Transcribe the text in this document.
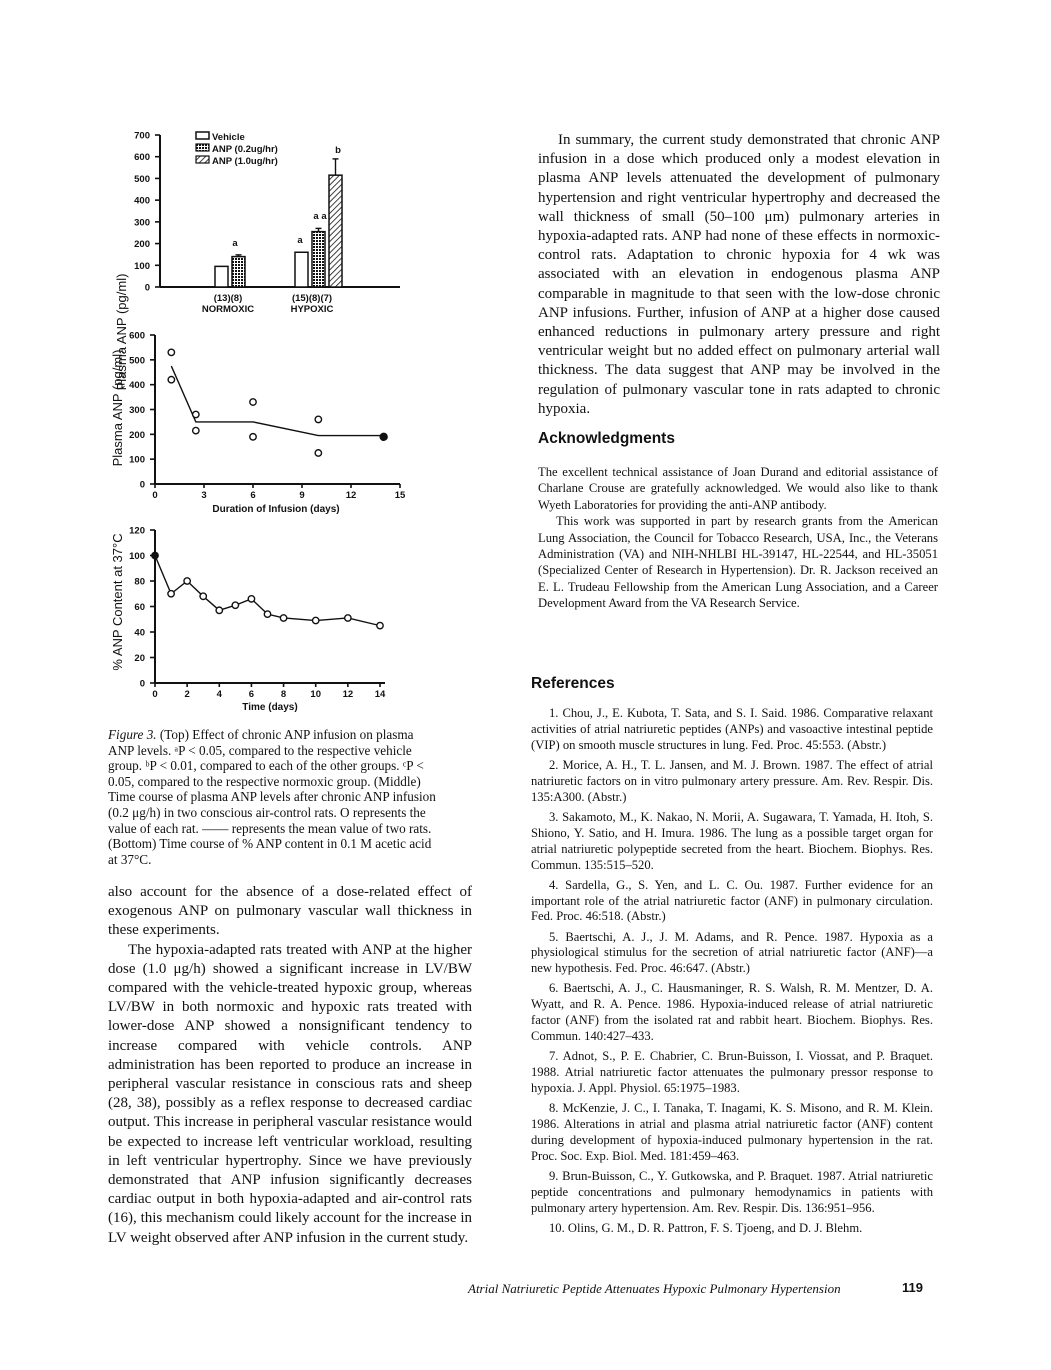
Plasma ANP (pg/ml) 0
100
200
300
400
500
600
700	Vehicle
ANP (0.2ug/hr)
ANP (1.0ug/hr)
a	a
a a
b
(13)(8)
NORMOXIC
(15)(8)(7)
HYPOXIC
Plasma ANP (pg/ml)
0
100
200
300
400
500
600
0	3	6	9	12	15
Duration of Infusion (days)
% ANP Content at 37°C
0
20
40
60
80
100
120
0	2	4	6	8	10 12 14
Time (days)
Figure 3. (Top) Effect of chronic ANP infusion on plasma ANP levels. ᵃP < 0.05, compared to the respective vehicle group. ᵇP < 0.01, compared to each of the other groups. ᶜP < 0.05, compared to the respective normoxic group. (Middle) Time course of plasma ANP levels after chronic ANP infusion (0.2 μg/h) in two conscious air-control rats. O represents the value of each rat. —— represents the mean value of two rats. (Bottom) Time course of % ANP content in 0.1 M acetic acid at 37°C.

also account for the absence of a dose-related effect of exogenous ANP on pulmonary vascular wall thickness in these experiments.

The hypoxia-adapted rats treated with ANP at the higher dose (1.0 μg/h) showed a significant increase in LV/BW compared with the vehicle-treated hypoxic group, whereas LV/BW in both normoxic and hypoxic rats treated with lower-dose ANP showed a nonsignificant tendency to increase compared with vehicle controls. ANP administration has been reported to produce an increase in peripheral vascular resistance in conscious rats and sheep (28, 38), possibly as a reflex response to decreased cardiac output. This increase in peripheral vascular resistance would be expected to increase left ventricular workload, resulting in left ventricular hypertrophy. Since we have previously demonstrated that ANP infusion significantly decreases cardiac output in both hypoxia-adapted and air-control rats (16), this mechanism could likely account for the increase in LV weight observed after ANP infusion in the current study.

In summary, the current study demonstrated that chronic ANP infusion in a dose which produced only a modest elevation in plasma ANP levels attenuated the development of pulmonary hypertension and right ventricular hypertrophy and decreased the wall thickness of small (50–100 μm) pulmonary arteries in hypoxia-adapted rats. ANP had none of these effects in normoxic-control rats. Adaptation to chronic hypoxia for 4 wk was associated with an elevation in endogenous plasma ANP comparable in magnitude to that seen with the low-dose chronic ANP infusions. Further, infusion of ANP at a higher dose caused enhanced reductions in pulmonary artery pressure and right ventricular weight but no added effect on pulmonary arterial wall thickness. The data suggest that ANP may be involved in the regulation of pulmonary vascular tone in rats adapted to chronic hypoxia.

Acknowledgments

The excellent technical assistance of Joan Durand and editorial assistance of Charlane Crouse are gratefully acknowledged. We would also like to thank Wyeth Laboratories for providing the anti-ANP antibody.

This work was supported in part by research grants from the American Lung Association, the Council for Tobacco Research, USA, Inc., the Veterans Administration (VA) and NIH-NHLBI HL-39147, HL-22544, and HL-35051 (Specialized Center of Research in Hypertension). Dr. R. Jackson received an E. L. Trudeau Fellowship from the American Lung Association, and a Career Development Award from the VA Research Service.

References

1. Chou, J., E. Kubota, T. Sata, and S. I. Said. 1986. Comparative relaxant activities of atrial natriuretic peptides (ANPs) and vasoactive intestinal peptide (VIP) on smooth muscle structures in lung. Fed. Proc. 45:553. (Abstr.)

2. Morice, A. H., T. L. Jansen, and M. J. Brown. 1987. The effect of atrial natriuretic factors on in vitro pulmonary artery pressure. Am. Rev. Respir. Dis. 135:A300. (Abstr.)

3. Sakamoto, M., K. Nakao, N. Morii, A. Sugawara, T. Yamada, H. Itoh, S. Shiono, Y. Satio, and H. Imura. 1986. The lung as a possible target organ for atrial natriuretic polypeptide secreted from the heart. Biochem. Biophys. Res. Commun. 135:515–520.

4. Sardella, G., S. Yen, and L. C. Ou. 1987. Further evidence for an important role of the atrial natriuretic factor (ANF) in pulmonary circulation. Fed. Proc. 46:518. (Abstr.)

5. Baertschi, A. J., J. M. Adams, and R. Pence. 1987. Hypoxia as a physiological stimulus for the secretion of atrial natriuretic factor (ANF)—a new hypothesis. Fed. Proc. 46:647. (Abstr.)

6. Baertschi, A. J., C. Hausmaninger, R. S. Walsh, R. M. Mentzer, D. A. Wyatt, and R. A. Pence. 1986. Hypoxia-induced release of atrial natriuretic factor (ANF) from the isolated rat and rabbit heart. Biochem. Biophys. Res. Commun. 140:427–433.

7. Adnot, S., P. E. Chabrier, C. Brun-Buisson, I. Viossat, and P. Braquet. 1988. Atrial natriuretic factor attenuates the pulmonary pressor response to hypoxia. J. Appl. Physiol. 65:1975–1983.

8. McKenzie, J. C., I. Tanaka, T. Inagami, K. S. Misono, and R. M. Klein. 1986. Alterations in atrial and plasma atrial natriuretic factor (ANF) content during development of hypoxia-induced pulmonary hypertension in the rat. Proc. Soc. Exp. Biol. Med. 181:459–463.

9. Brun-Buisson, C., Y. Gutkowska, and P. Braquet. 1987. Atrial natriuretic peptide concentrations and pulmonary hemodynamics in patients with pulmonary artery hypertension. Am. Rev. Respir. Dis. 136:951–956.

10. Olins, G. M., D. R. Pattron, F. S. Tjoeng, and D. J. Blehm.

Atrial Natriuretic Peptide Attenuates Hypoxic Pulmonary Hypertension	119
